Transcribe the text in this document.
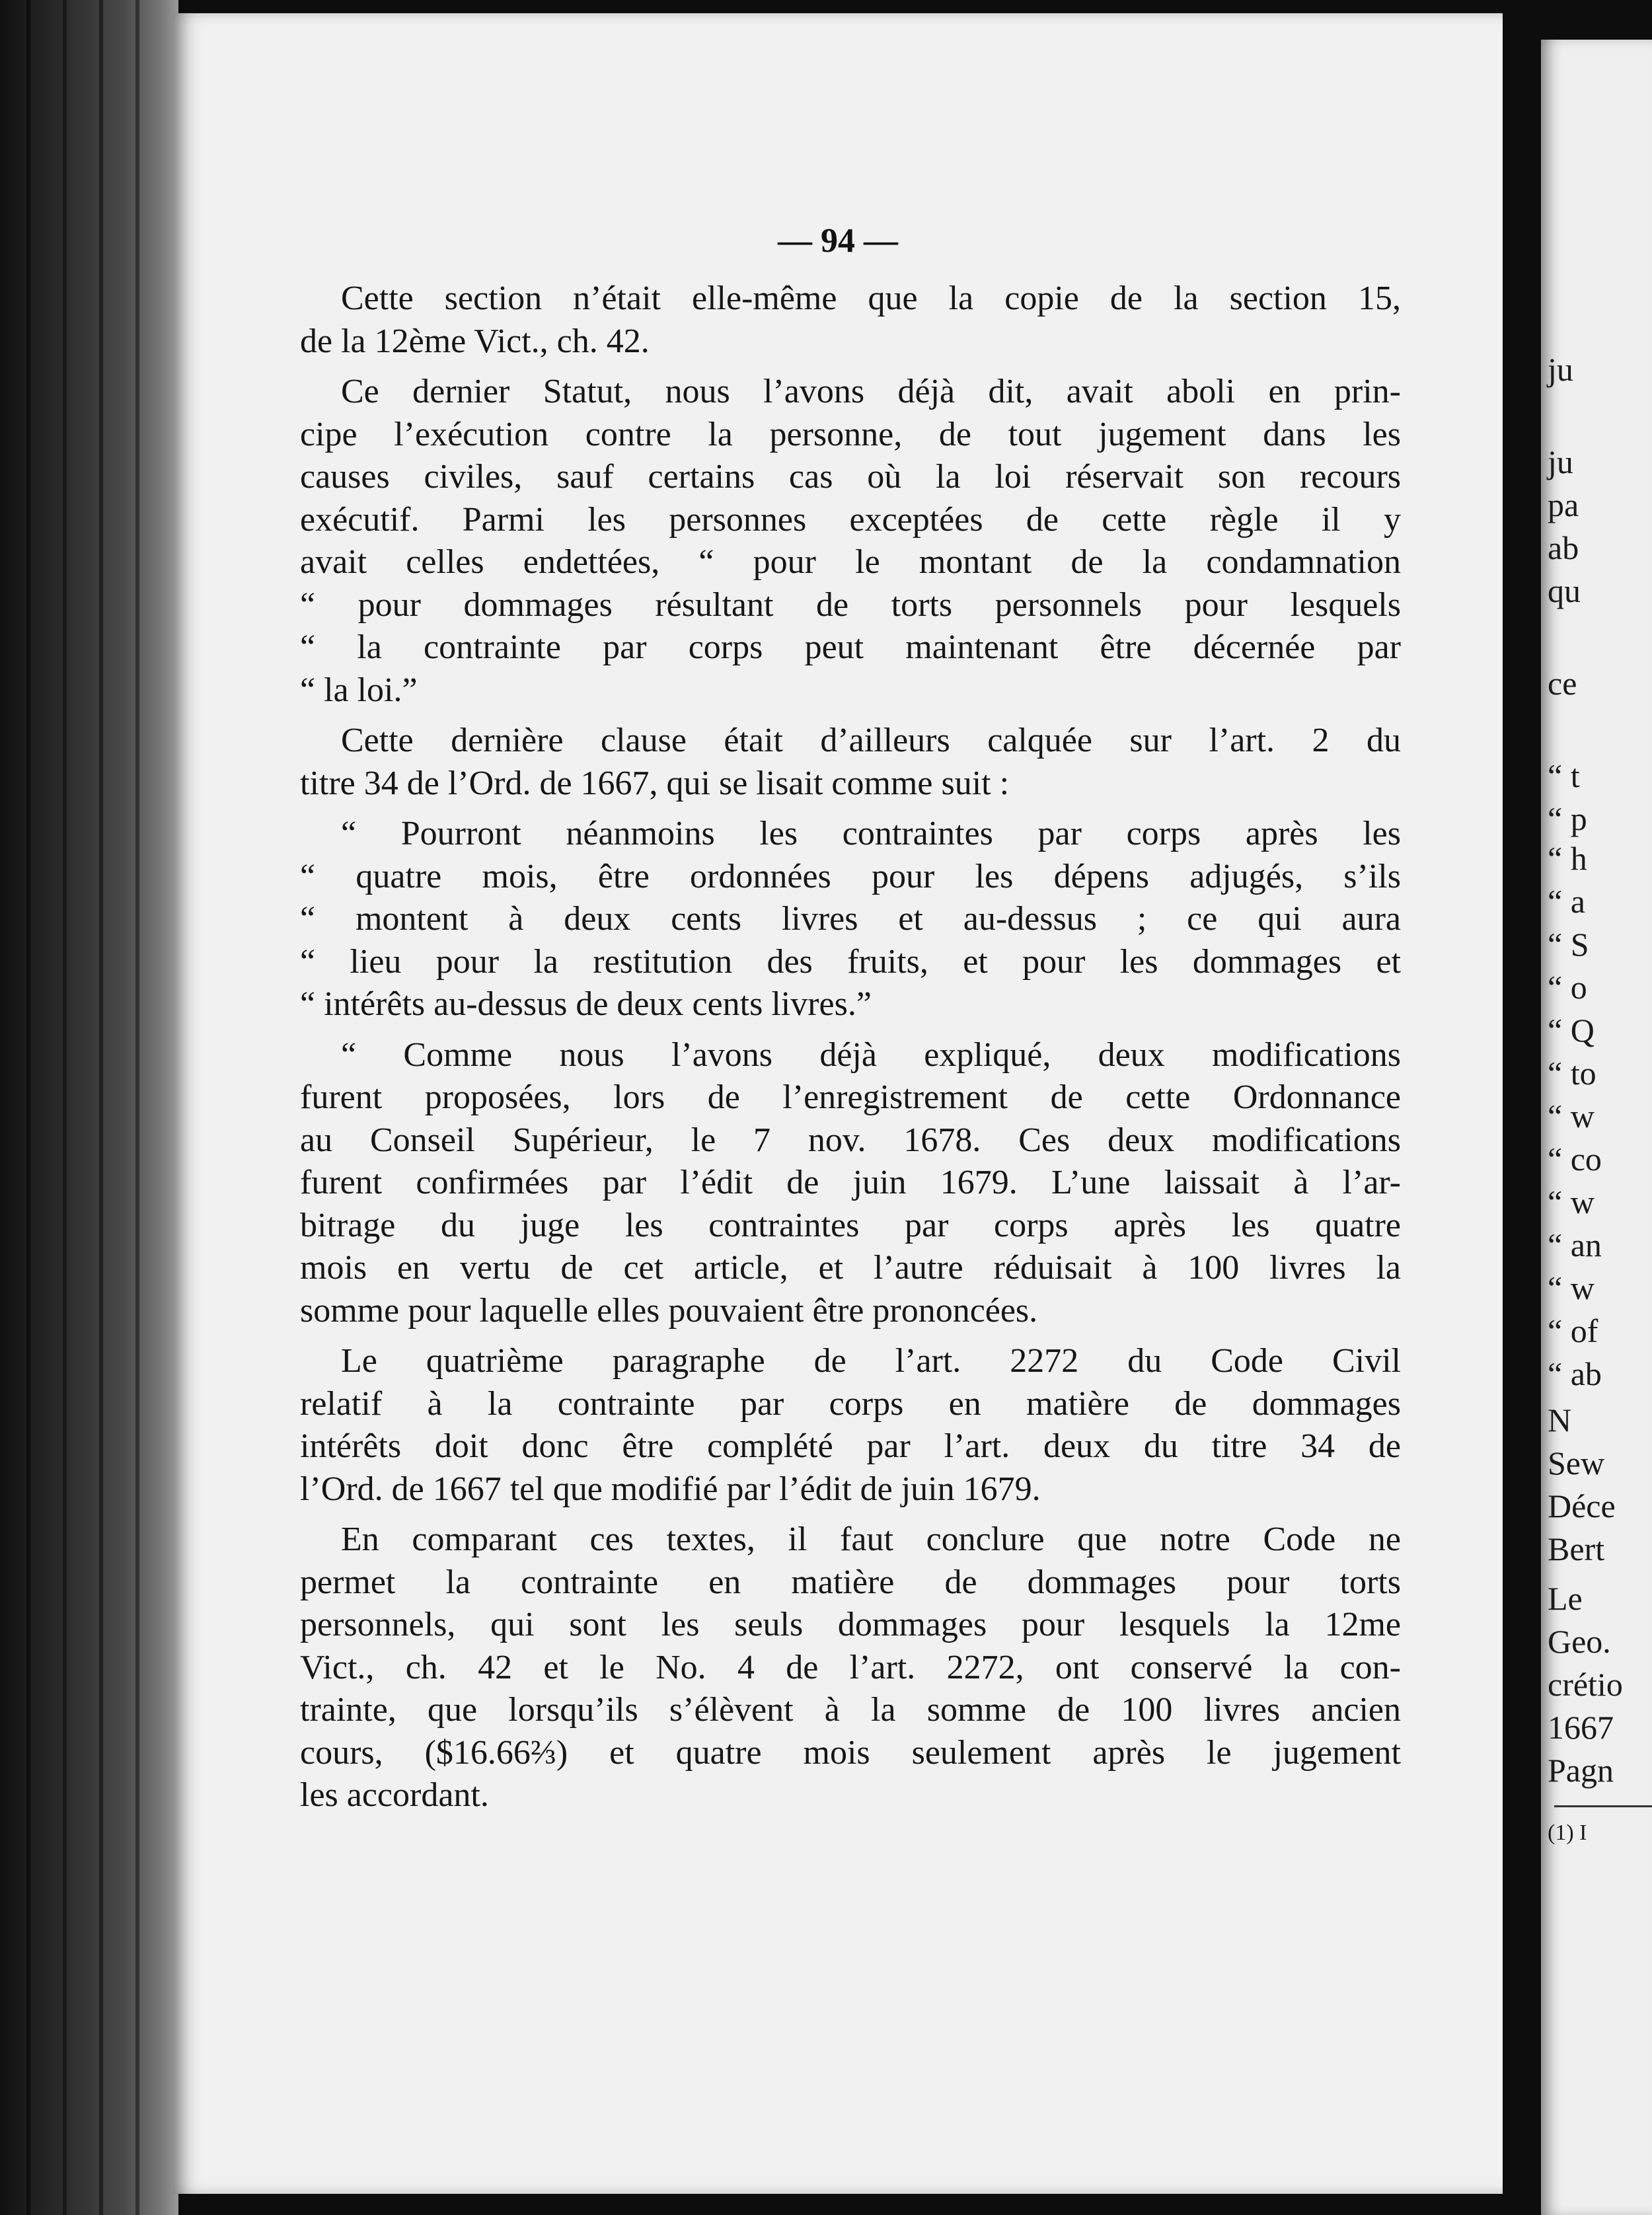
— 94 —
Cette section n’était elle-même que la copie de la section 15,
de la 12ème Vict., ch. 42.
Ce dernier Statut, nous l’avons déjà dit, avait aboli en prin-
cipe l’exécution contre la personne, de tout jugement dans les
causes civiles, sauf certains cas où la loi réservait son recours
exécutif. Parmi les personnes exceptées de cette règle il y
avait celles endettées, “ pour le montant de la condamnation
“ pour dommages résultant de torts personnels pour lesquels
“ la contrainte par corps peut maintenant être décernée par
“ la loi.”
Cette dernière clause était d’ailleurs calquée sur l’art. 2 du
titre 34 de l’Ord. de 1667, qui se lisait comme suit :
“ Pourront néanmoins les contraintes par corps après les
“ quatre mois, être ordonnées pour les dépens adjugés, s’ils
“ montent à deux cents livres et au-dessus ; ce qui aura
“ lieu pour la restitution des fruits, et pour les dommages et
“ intérêts au-dessus de deux cents livres.”
“ Comme nous l’avons déjà expliqué, deux modifications
furent proposées, lors de l’enregistrement de cette Ordonnance
au Conseil Supérieur, le 7 nov. 1678. Ces deux modifications
furent confirmées par l’édit de juin 1679. L’une laissait à l’ar-
bitrage du juge les contraintes par corps après les quatre
mois en vertu de cet article, et l’autre réduisait à 100 livres la
somme pour laquelle elles pouvaient être prononcées.
Le quatrième paragraphe de l’art. 2272 du Code Civil
relatif à la contrainte par corps en matière de dommages
intérêts doit donc être complété par l’art. deux du titre 34 de
l’Ord. de 1667 tel que modifié par l’édit de juin 1679.
En comparant ces textes, il faut conclure que notre Code ne
permet la contrainte en matière de dommages pour torts
personnels, qui sont les seuls dommages pour lesquels la 12me
Vict., ch. 42 et le No. 4 de l’art. 2272, ont conservé la con-
trainte, que lorsqu’ils s’élèvent à la somme de 100 livres ancien
cours, ($16.66⅔) et quatre mois seulement après le jugement
les accordant.
ju
ju
pa
ab
qu
ce
“ t
“ p
“ h
“ a
“ S
“ o
“ Q
“ to
“ w
“ co
“ w
“ an
“ w
“ of
“ ab
N
Sew
Déce
Bert
Le
Geo.
crétio
1667
Pagn
(1) I
